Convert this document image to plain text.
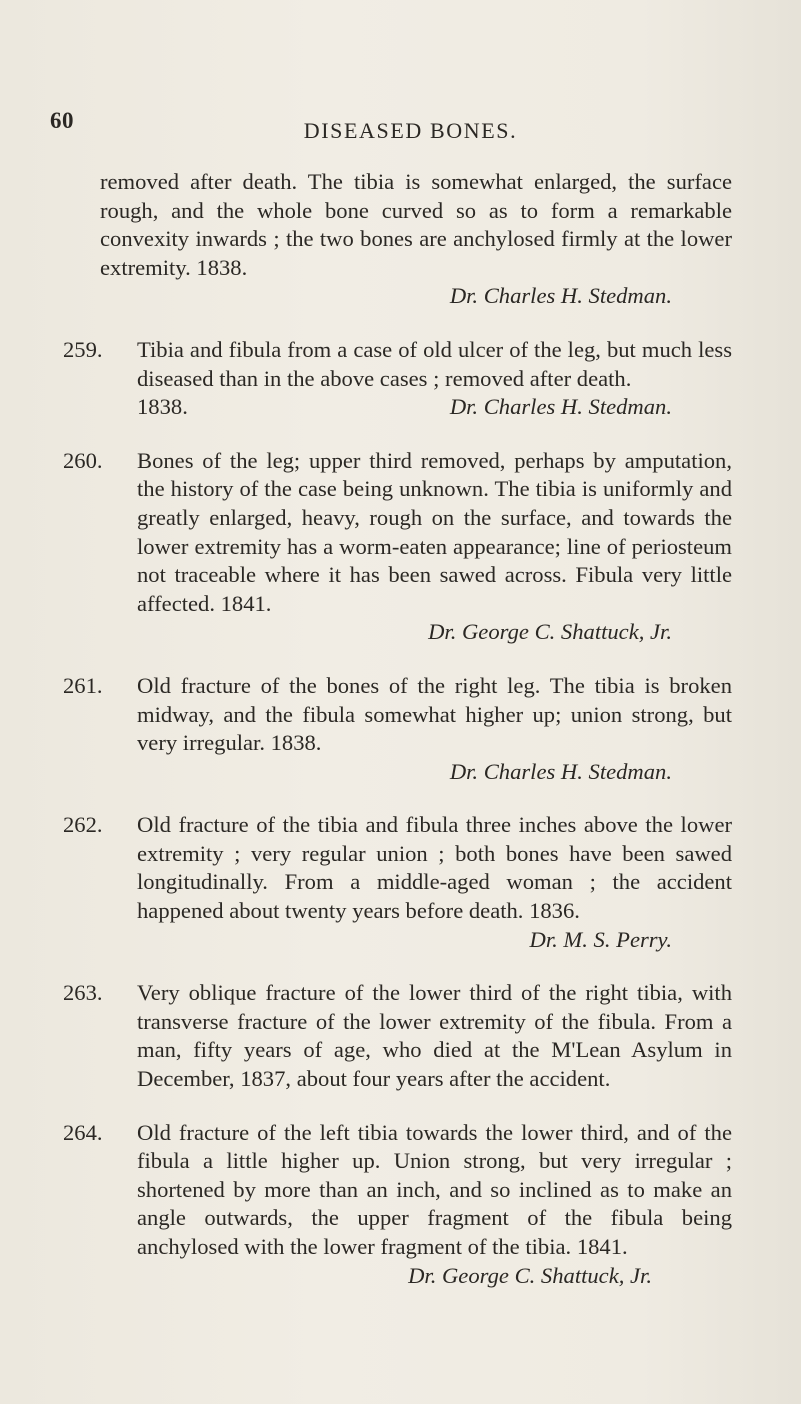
60	DISEASED BONES.
removed after death. The tibia is somewhat enlarged, the surface rough, and the whole bone curved so as to form a remarkable convexity inwards ; the two bones are anchylosed firmly at the lower extremity. 1838.
Dr. Charles H. Stedman.
259.	Tibia and fibula from a case of old ulcer of the leg, but much less diseased than in the above cases ; removed after death.
1838.	Dr. Charles H. Stedman.
260.	Bones of the leg; upper third removed, perhaps by amputation, the history of the case being unknown. The tibia is uniformly and greatly enlarged, heavy, rough on the surface, and towards the lower extremity has a worm-eaten appearance; line of periosteum not traceable where it has been sawed across. Fibula very little affected. 1841.
Dr. George C. Shattuck, Jr.
261.	Old fracture of the bones of the right leg. The tibia is broken midway, and the fibula somewhat higher up; union strong, but very irregular. 1838.
Dr. Charles H. Stedman.
262.	Old fracture of the tibia and fibula three inches above the lower extremity ; very regular union ; both bones have been sawed longitudinally. From a middle-aged woman ; the accident happened about twenty years before death. 1836.
Dr. M. S. Perry.
263.	Very oblique fracture of the lower third of the right tibia, with transverse fracture of the lower extremity of the fibula. From a man, fifty years of age, who died at the M'Lean Asylum in December, 1837, about four years after the accident.
264.	Old fracture of the left tibia towards the lower third, and of the fibula a little higher up. Union strong, but very irregular ; shortened by more than an inch, and so inclined as to make an angle outwards, the upper fragment of the fibula being anchylosed with the lower fragment of the tibia. 1841.
Dr. George C. Shattuck, Jr.
